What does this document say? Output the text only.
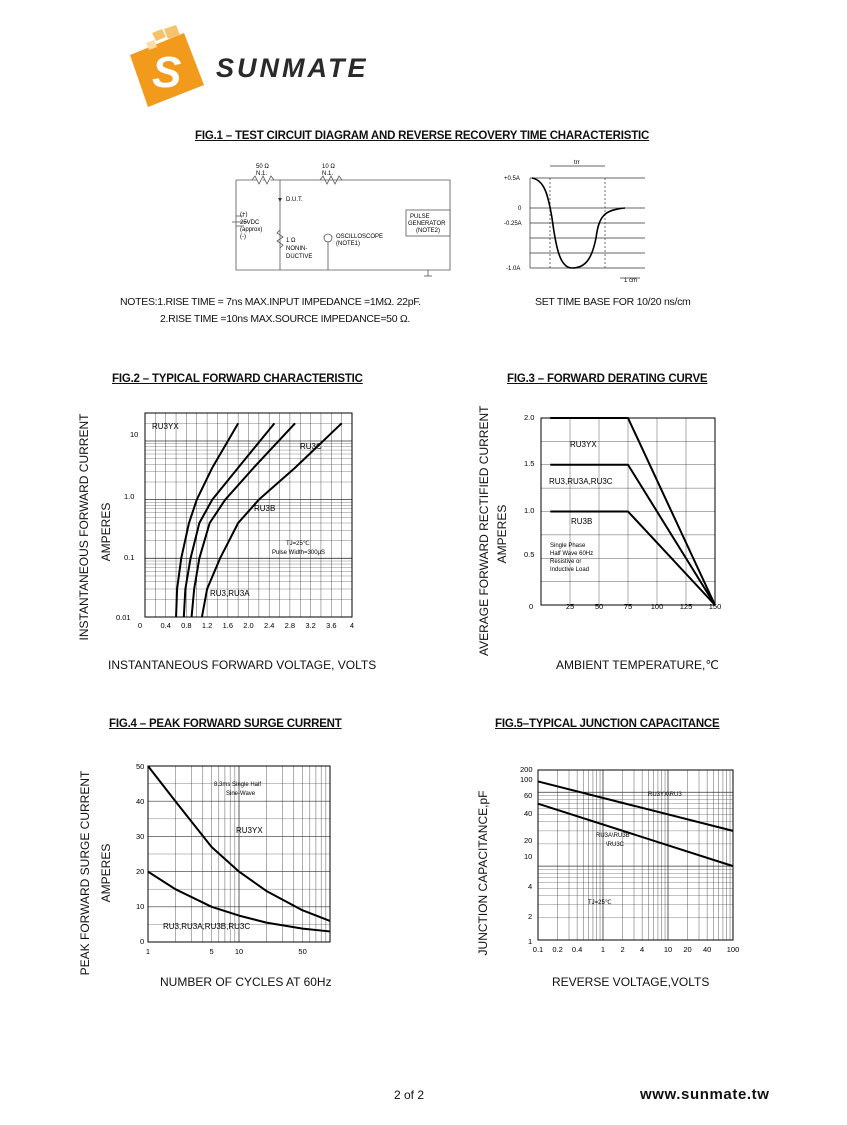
S SUNMATE
FIG.1 – TEST CIRCUIT DIAGRAM AND REVERSE RECOVERY TIME CHARACTERISTIC
50 Ω
N.1.
10 Ω
N.1.
D.U.T.
(+)
25VDC
(approx)
(-)
1 Ω
NONIN-
DUCTIVE
OSCILLOSCOPE
(NOTE1)
PULSE
GENERATOR
(NOTE2)
+0.5A
0
-0.25A
-1.0A
trr
1 cm
NOTES:1.RISE TIME = 7ns MAX.INPUT IMPEDANCE =1MΩ. 22pF.
2.RISE TIME =10ns MAX.SOURCE IMPEDANCE=50 Ω.
SET TIME BASE FOR 10/20 ns/cm
FIG.2 – TYPICAL FORWARD CHARACTERISTIC
INSTANTANEOUS FORWARD CURRENT AMPERES
10
1.0
0.1
0.01
0 0.4 0.8 1.2 1.6 2.0 2.4 2.8 3.2 3.6 4
RU3YX
RU3C
RU3B
RU3,RU3A
TJ=25℃
Pulse Width=300μS
INSTANTANEOUS FORWARD VOLTAGE, VOLTS
FIG.3 – FORWARD DERATING CURVE
AVERAGE FORWARD RECTIFIED CURRENT AMPERES
2.0
1.5
1.0
0.5
0	25	50	75 100 125 150
RU3YX
RU3,RU3A,RU3C
RU3B
Single Phase
Half Wave 60Hz
Resistive or
Inductive Load
AMBIENT TEMPERATURE,℃
FIG.4 – PEAK FORWARD SURGE CURRENT
PEAK FORWARD SURGE CURRENT AMPERES
50
40
30
20
10
0
1	5	10	50
8.3ms Single Half
Sine-Wave
RU3YX
RU3,RU3A,RU3B,RU3C
NUMBER OF CYCLES AT 60Hz
FIG.5–TYPICAL JUNCTION CAPACITANCE
JUNCTION CAPACITANCE,pF
200
100
60
40
20
10
4
2
1
0.1 0.2 0.4 1 2 4	10 20 40 100
RU3YX\RU3
RU3A\RU3B
\RU3C
TJ=25℃
REVERSE VOLTAGE,VOLTS
2 of 2	www.sunmate.tw
